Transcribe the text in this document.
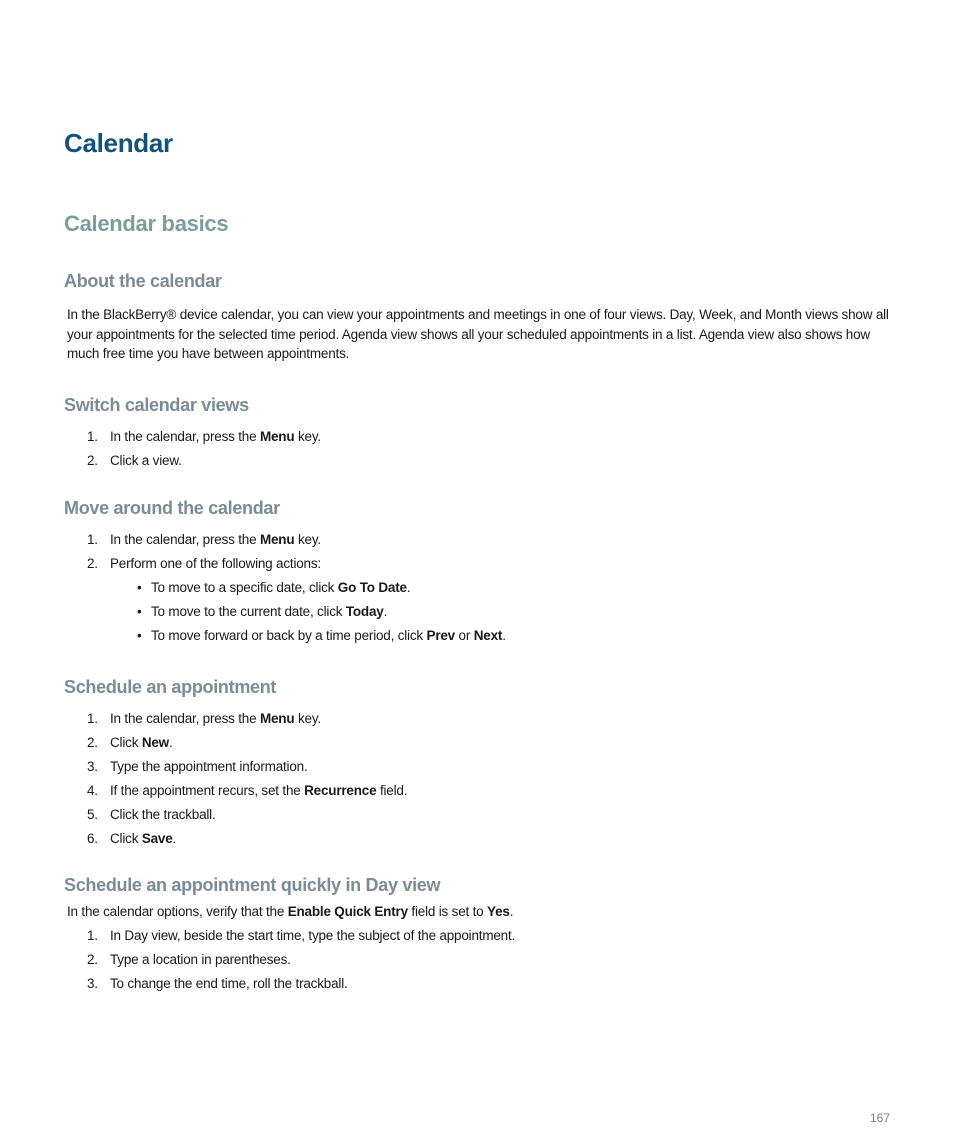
Calendar
Calendar basics
About the calendar

In the BlackBerry® device calendar, you can view your appointments and meetings in one of four views. Day, Week, and Month views show all your appointments for the selected time period. Agenda view shows all your scheduled appointments in a list. Agenda view also shows how much free time you have between appointments.

Switch calendar views
1. In the calendar, press the Menu key.
2. Click a view.
Move around the calendar
1. In the calendar, press the Menu key.
2. Perform one of the following actions:
• To move to a specific date, click Go To Date.
• To move to the current date, click Today.
• To move forward or back by a time period, click Prev or Next.
Schedule an appointment
1. In the calendar, press the Menu key.
2. Click New.
3. Type the appointment information.
4. If the appointment recurs, set the Recurrence field.
5. Click the trackball.
6. Click Save.
Schedule an appointment quickly in Day view

In the calendar options, verify that the Enable Quick Entry field is set to Yes.

1. In Day view, beside the start time, type the subject of the appointment.
2. Type a location in parentheses.
3. To change the end time, roll the trackball.
167
